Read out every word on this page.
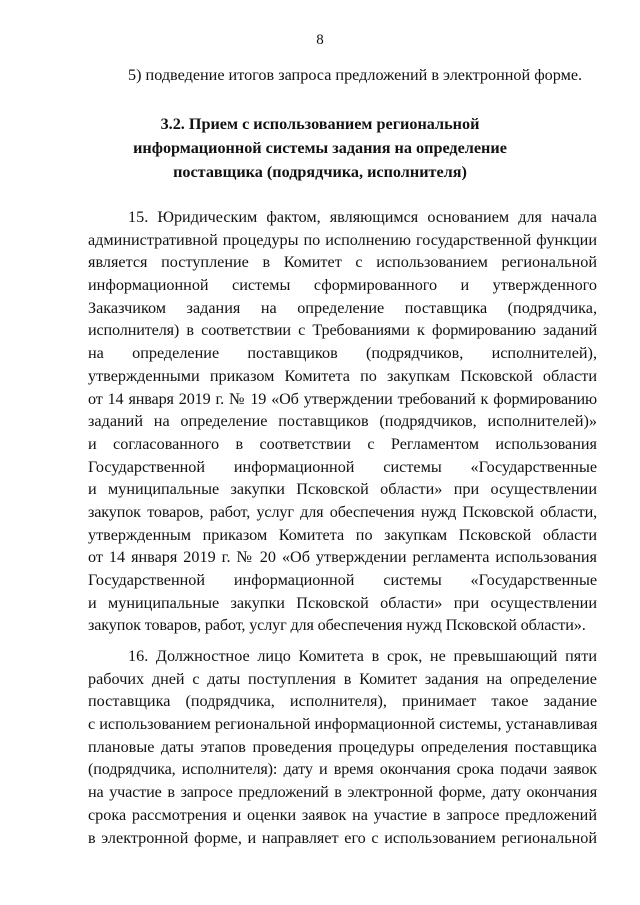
8
5) подведение итогов запроса предложений в электронной форме.
3.2. Прием с использованием региональной
информационной системы задания на определение
поставщика (подрядчика, исполнителя)
15. Юридическим фактом, являющимся основанием для начала
административной процедуры по исполнению государственной функции
является поступление в Комитет с использованием региональной
информационной системы сформированного и утвержденного
Заказчиком задания на определение поставщика (подрядчика,
исполнителя) в соответствии с Требованиями к формированию заданий
на определение поставщиков (подрядчиков, исполнителей),
утвержденными приказом Комитета по закупкам Псковской области
от 14 января 2019 г. № 19 «Об утверждении требований к формированию
заданий на определение поставщиков (подрядчиков, исполнителей)»
и согласованного в соответствии с Регламентом использования
Государственной информационной системы «Государственные
и муниципальные закупки Псковской области» при осуществлении
закупок товаров, работ, услуг для обеспечения нужд Псковской области,
утвержденным приказом Комитета по закупкам Псковской области
от 14 января 2019 г. № 20 «Об утверждении регламента использования
Государственной информационной системы «Государственные
и муниципальные закупки Псковской области» при осуществлении
закупок товаров, работ, услуг для обеспечения нужд Псковской области».
16. Должностное лицо Комитета в срок, не превышающий пяти
рабочих дней с даты поступления в Комитет задания на определение
поставщика (подрядчика, исполнителя), принимает такое задание
с использованием региональной информационной системы, устанавливая
плановые даты этапов проведения процедуры определения поставщика
(подрядчика, исполнителя): дату и время окончания срока подачи заявок
на участие в запросе предложений в электронной форме, дату окончания
срока рассмотрения и оценки заявок на участие в запросе предложений
в электронной форме, и направляет его с использованием региональной
